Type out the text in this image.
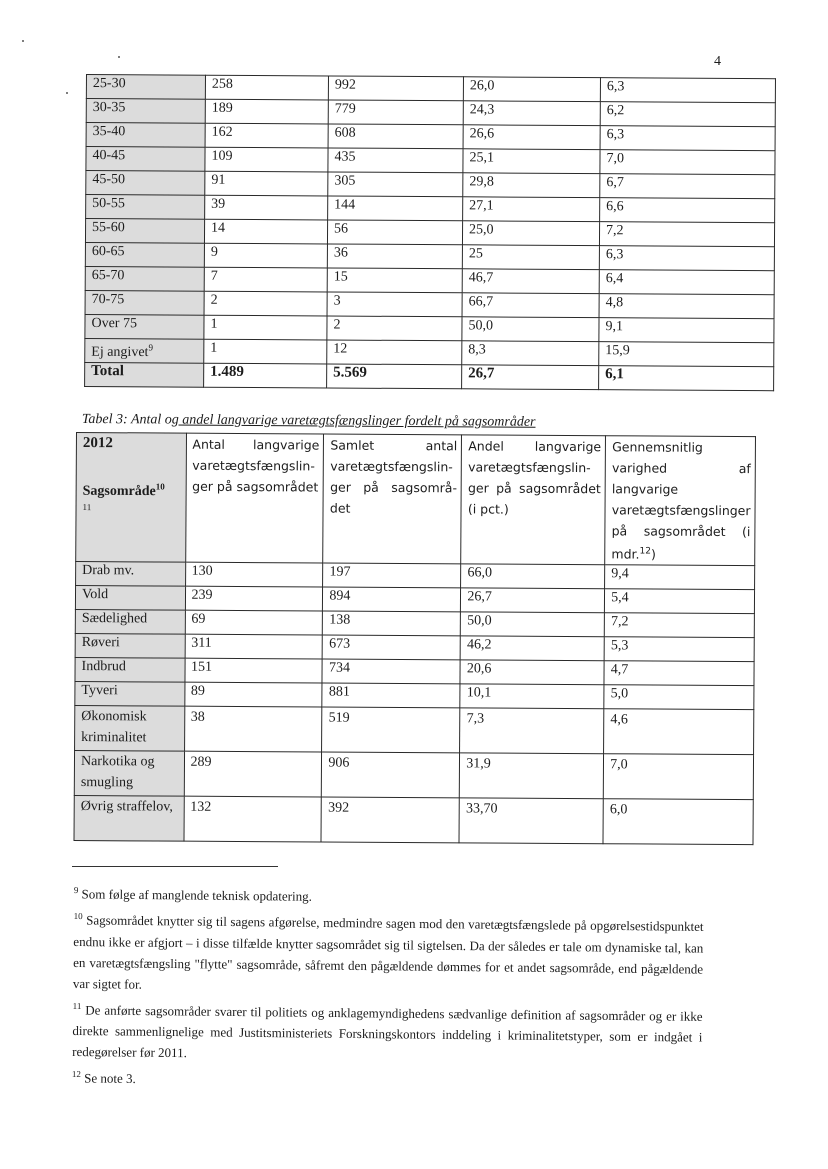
4
25-30	258	992	26,0	6,3
30-35	189	779	24,3	6,2
35-40	162	608	26,6	6,3
40-45	109	435	25,1	7,0
45-50	91	305	29,8	6,7
50-55	39	144	27,1	6,6
55-60	14	56	25,0	7,2
60-65	9	36	25	6,3
65-70	7	15	46,7	6,4
70-75	2	3	66,7	4,8
Over 75	1	2	50,0	9,1
Ej angivet$^9$	1	12	8,3	15,9
Total	1.489	5.569	26,7	6,1
Tabel 3: Antal og andel langvarige varetægtsfængslinger fordelt på sagsområder
2012
Sagsområde$^{10}$
11	Antal langvarige varetægtsfængslin-ger på sagsområdet	Samlet antal varetægtsfængslin-ger på sagsområ-det	Andel langvarige varetægtsfængslin-ger på sagsområdet (i pct.)	Gennemsnitlig varighed af langvarige varetægtsfængslinger på sagsområdet (i mdr.$^{12}$)
Drab mv.	130	197	66,0	9,4
Vold	239	894	26,7	5,4
Sædelighed	69	138	50,0	7,2
Røveri	311	673	46,2	5,3
Indbrud	151	734	20,6	4,7
Tyveri	89	881	10,1	5,0
Økonomisk kriminalitet	38	519	7,3	4,6
Narkotika og smugling	289	906	31,9	7,0
Øvrig straffelov,	132	392	33,70	6,0

$^9$ Som følge af manglende teknisk opdatering.

$^{10}$ Sagsområdet knytter sig til sagens afgørelse, medmindre sagen mod den varetægtsfængslede på opgørelsestidspunktet endnu ikke er afgjort – i disse tilfælde knytter sagsområdet sig til sigtelsen. Da der således er tale om dynamiske tal, kan en varetægtsfængsling "flytte" sagsområde, såfremt den pågældende dømmes for et andet sagsområde, end pågældende var sigtet for.

$^{11}$ De anførte sagsområder svarer til politiets og anklagemyndighedens sædvanlige definition af sagsområder og er ikke direkte sammenlignelige med Justitsministeriets Forskningskontors inddeling i kriminalitetstyper, som er indgået i redegørelser før 2011.

$^{12}$ Se note 3.
